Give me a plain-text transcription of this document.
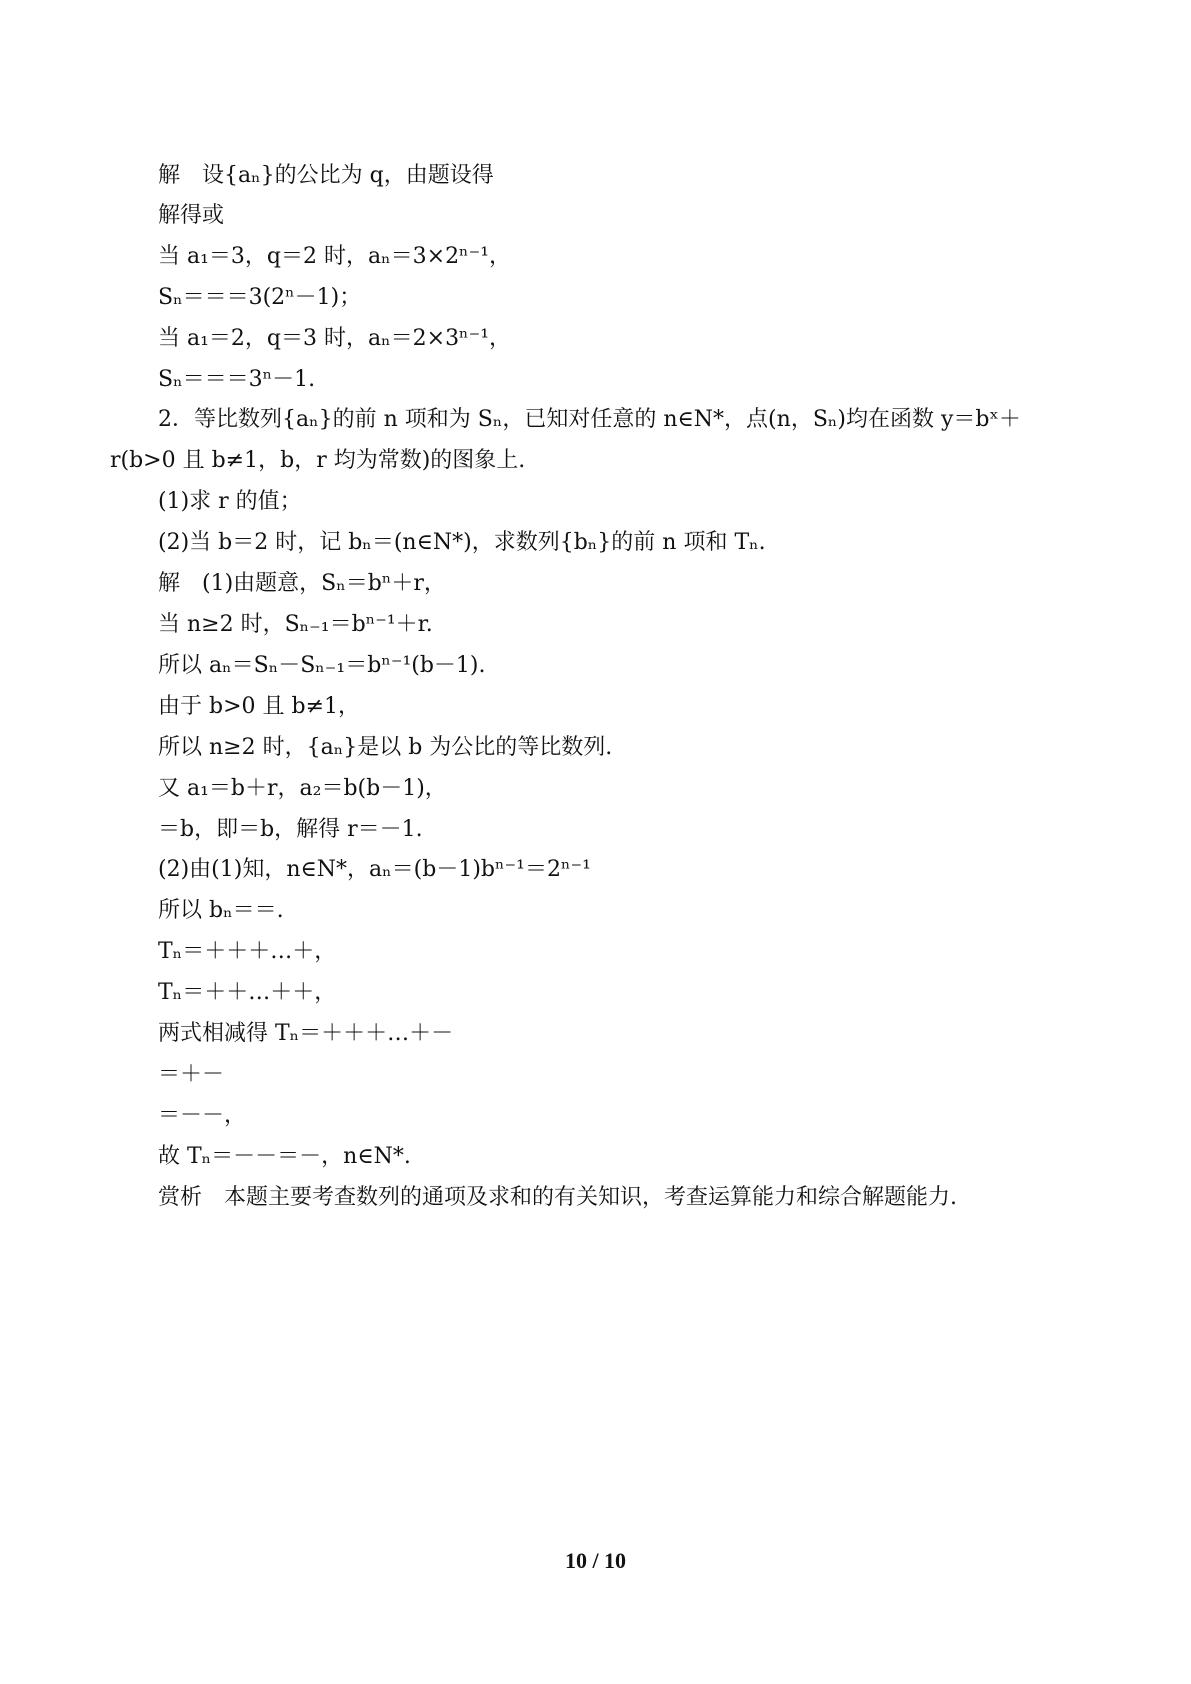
解　设{aₙ}的公比为 q，由题设得
解得或
当 a₁＝3，q＝2 时，aₙ＝3×2ⁿ⁻¹，
Sₙ＝＝＝3(2ⁿ－1)；
当 a₁＝2，q＝3 时，aₙ＝2×3ⁿ⁻¹，
Sₙ＝＝＝3ⁿ－1.
2．等比数列{aₙ}的前 n 项和为 Sₙ，已知对任意的 n∈N*，点(n，Sₙ)均在函数 y＝bˣ＋
r(b>0 且 b≠1，b，r 均为常数)的图象上.
(1)求 r 的值；
(2)当 b＝2 时，记 bₙ＝(n∈N*)，求数列{bₙ}的前 n 项和 Tₙ.
解　(1)由题意，Sₙ＝bⁿ＋r，
当 n≥2 时，Sₙ₋₁＝bⁿ⁻¹＋r.
所以 aₙ＝Sₙ－Sₙ₋₁＝bⁿ⁻¹(b－1).
由于 b>0 且 b≠1，
所以 n≥2 时，{aₙ}是以 b 为公比的等比数列.
又 a₁＝b＋r，a₂＝b(b－1)，
＝b，即＝b，解得 r＝－1.
(2)由(1)知，n∈N*，aₙ＝(b－1)bⁿ⁻¹＝2ⁿ⁻¹
所以 bₙ＝＝.
Tₙ＝＋＋＋…＋，
Tₙ＝＋＋…＋＋，
两式相减得 Tₙ＝＋＋＋…＋－
＝＋－
＝－－，
故 Tₙ＝－－＝－，n∈N*.
赏析　本题主要考查数列的通项及求和的有关知识，考查运算能力和综合解题能力.
10 / 10
